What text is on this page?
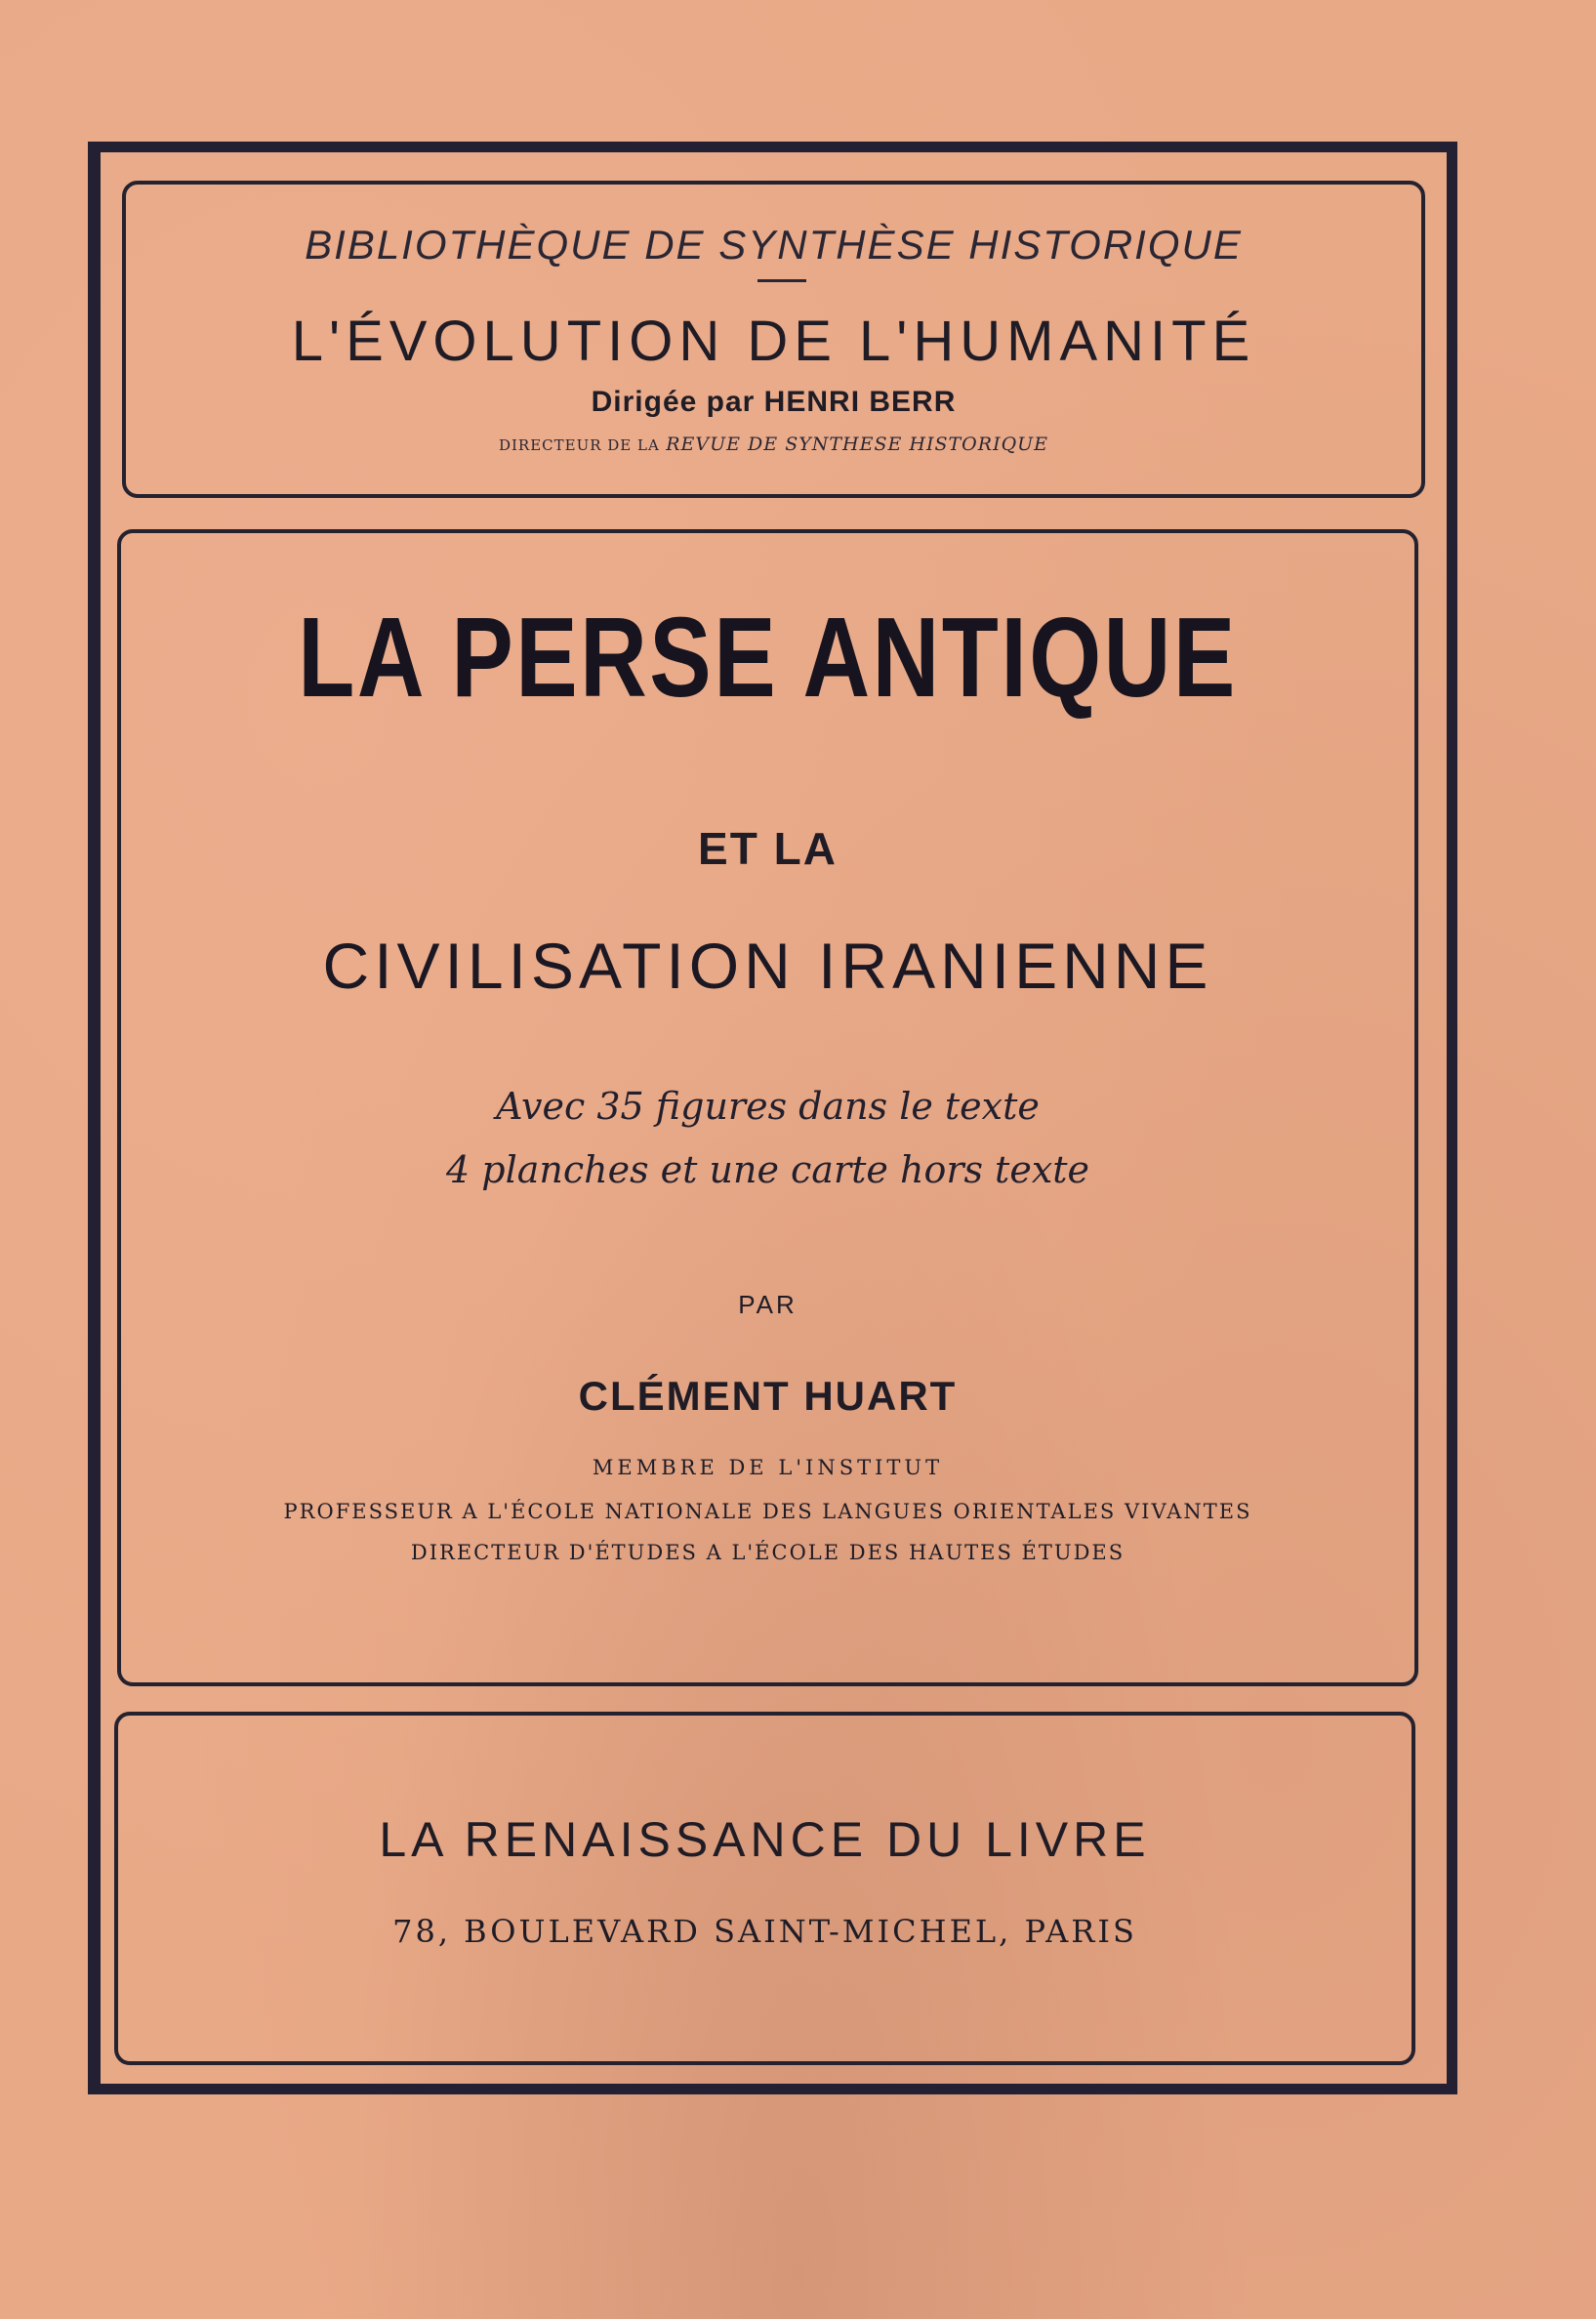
BIBLIOTHÈQUE DE SYNTHÈSE HISTORIQUE
L'ÉVOLUTION DE L'HUMANITÉ
Dirigée par HENRI BERR
DIRECTEUR DE LA REVUE DE SYNTHESE HISTORIQUE
LA PERSE ANTIQUE
ET LA
CIVILISATION IRANIENNE
Avec 35 figures dans le texte
4 planches et une carte hors texte
PAR
CLÉMENT HUART
MEMBRE DE L'INSTITUT
PROFESSEUR A L'ÉCOLE NATIONALE DES LANGUES ORIENTALES VIVANTES
DIRECTEUR D'ÉTUDES A L'ÉCOLE DES HAUTES ÉTUDES
LA RENAISSANCE DU LIVRE
78, BOULEVARD SAINT-MICHEL, PARIS
